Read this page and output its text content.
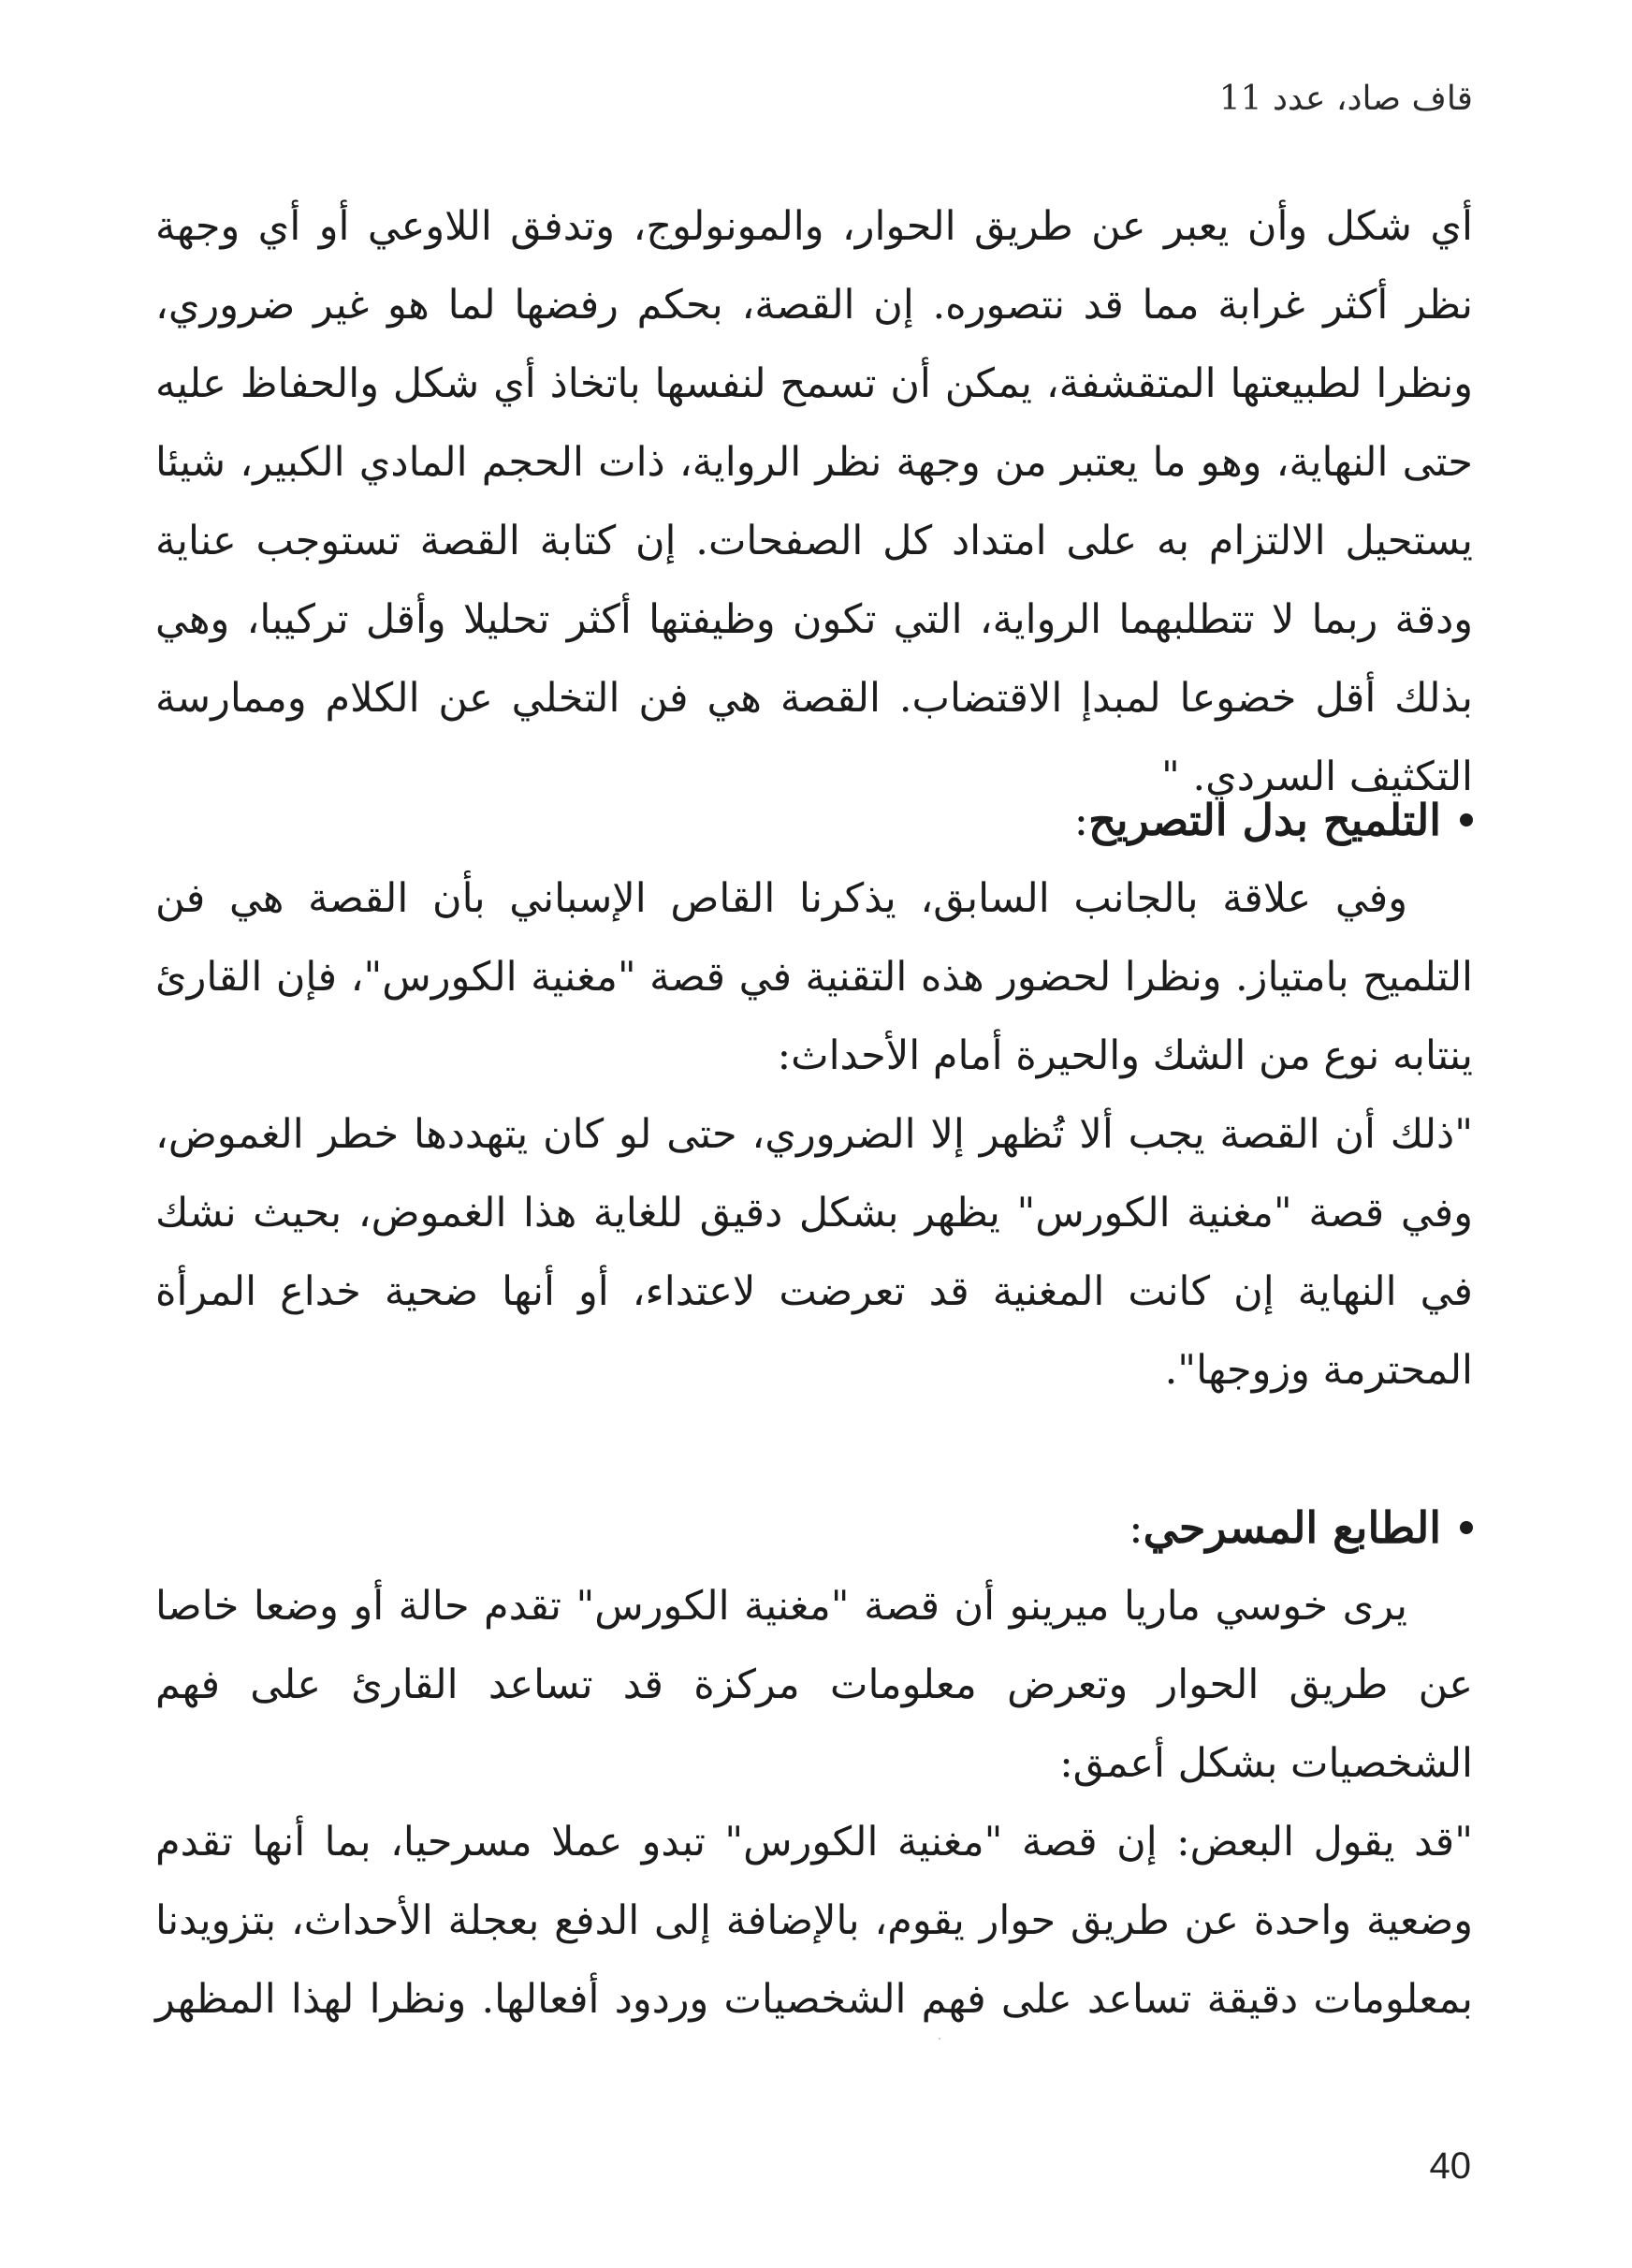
قاف صاد، عدد 11

أي شكل وأن يعبر عن طريق الحوار، والمونولوج، وتدفق اللاوعي أو أي وجهة نظر أكثر غرابة مما قد نتصوره. إن القصة، بحكم رفضها لما هو غير ضروري، ونظرا لطبيعتها المتقشفة، يمكن أن تسمح لنفسها باتخاذ أي شكل والحفاظ عليه حتى النهاية، وهو ما يعتبر من وجهة نظر الرواية، ذات الحجم المادي الكبير، شيئا يستحيل الالتزام به على امتداد كل الصفحات. إن كتابة القصة تستوجب عناية ودقة ربما لا تتطلبهما الرواية، التي تكون وظيفتها أكثر تحليلا وأقل تركيبا، وهي بذلك أقل خضوعا لمبدإ الاقتضاب. القصة هي فن التخلي عن الكلام وممارسة التكثيف السردي. "

التلميح بدل التصريح:

وفي علاقة بالجانب السابق، يذكرنا القاص الإسباني بأن القصة هي فن التلميح بامتياز. ونظرا لحضور هذه التقنية في قصة "مغنية الكورس"، فإن القارئ ينتابه نوع من الشك والحيرة أمام الأحداث:

"ذلك أن القصة يجب ألا تُظهر إلا الضروري، حتى لو كان يتهددها خطر الغموض، وفي قصة "مغنية الكورس" يظهر بشكل دقيق للغاية هذا الغموض، بحيث نشك في النهاية إن كانت المغنية قد تعرضت لاعتداء، أو أنها ضحية خداع المرأة المحترمة وزوجها".

الطابع المسرحي:

يرى خوسي ماريا ميرينو أن قصة "مغنية الكورس" تقدم حالة أو وضعا خاصا عن طريق الحوار وتعرض معلومات مركزة قد تساعد القارئ على فهم الشخصيات بشكل أعمق:

"قد يقول البعض: إن قصة "مغنية الكورس" تبدو عملا مسرحيا، بما أنها تقدم وضعية واحدة عن طريق حوار يقوم، بالإضافة إلى الدفع بعجلة الأحداث، بتزويدنا بمعلومات دقيقة تساعد على فهم الشخصيات وردود أفعالها. ونظرا لهذا المظهر

40
